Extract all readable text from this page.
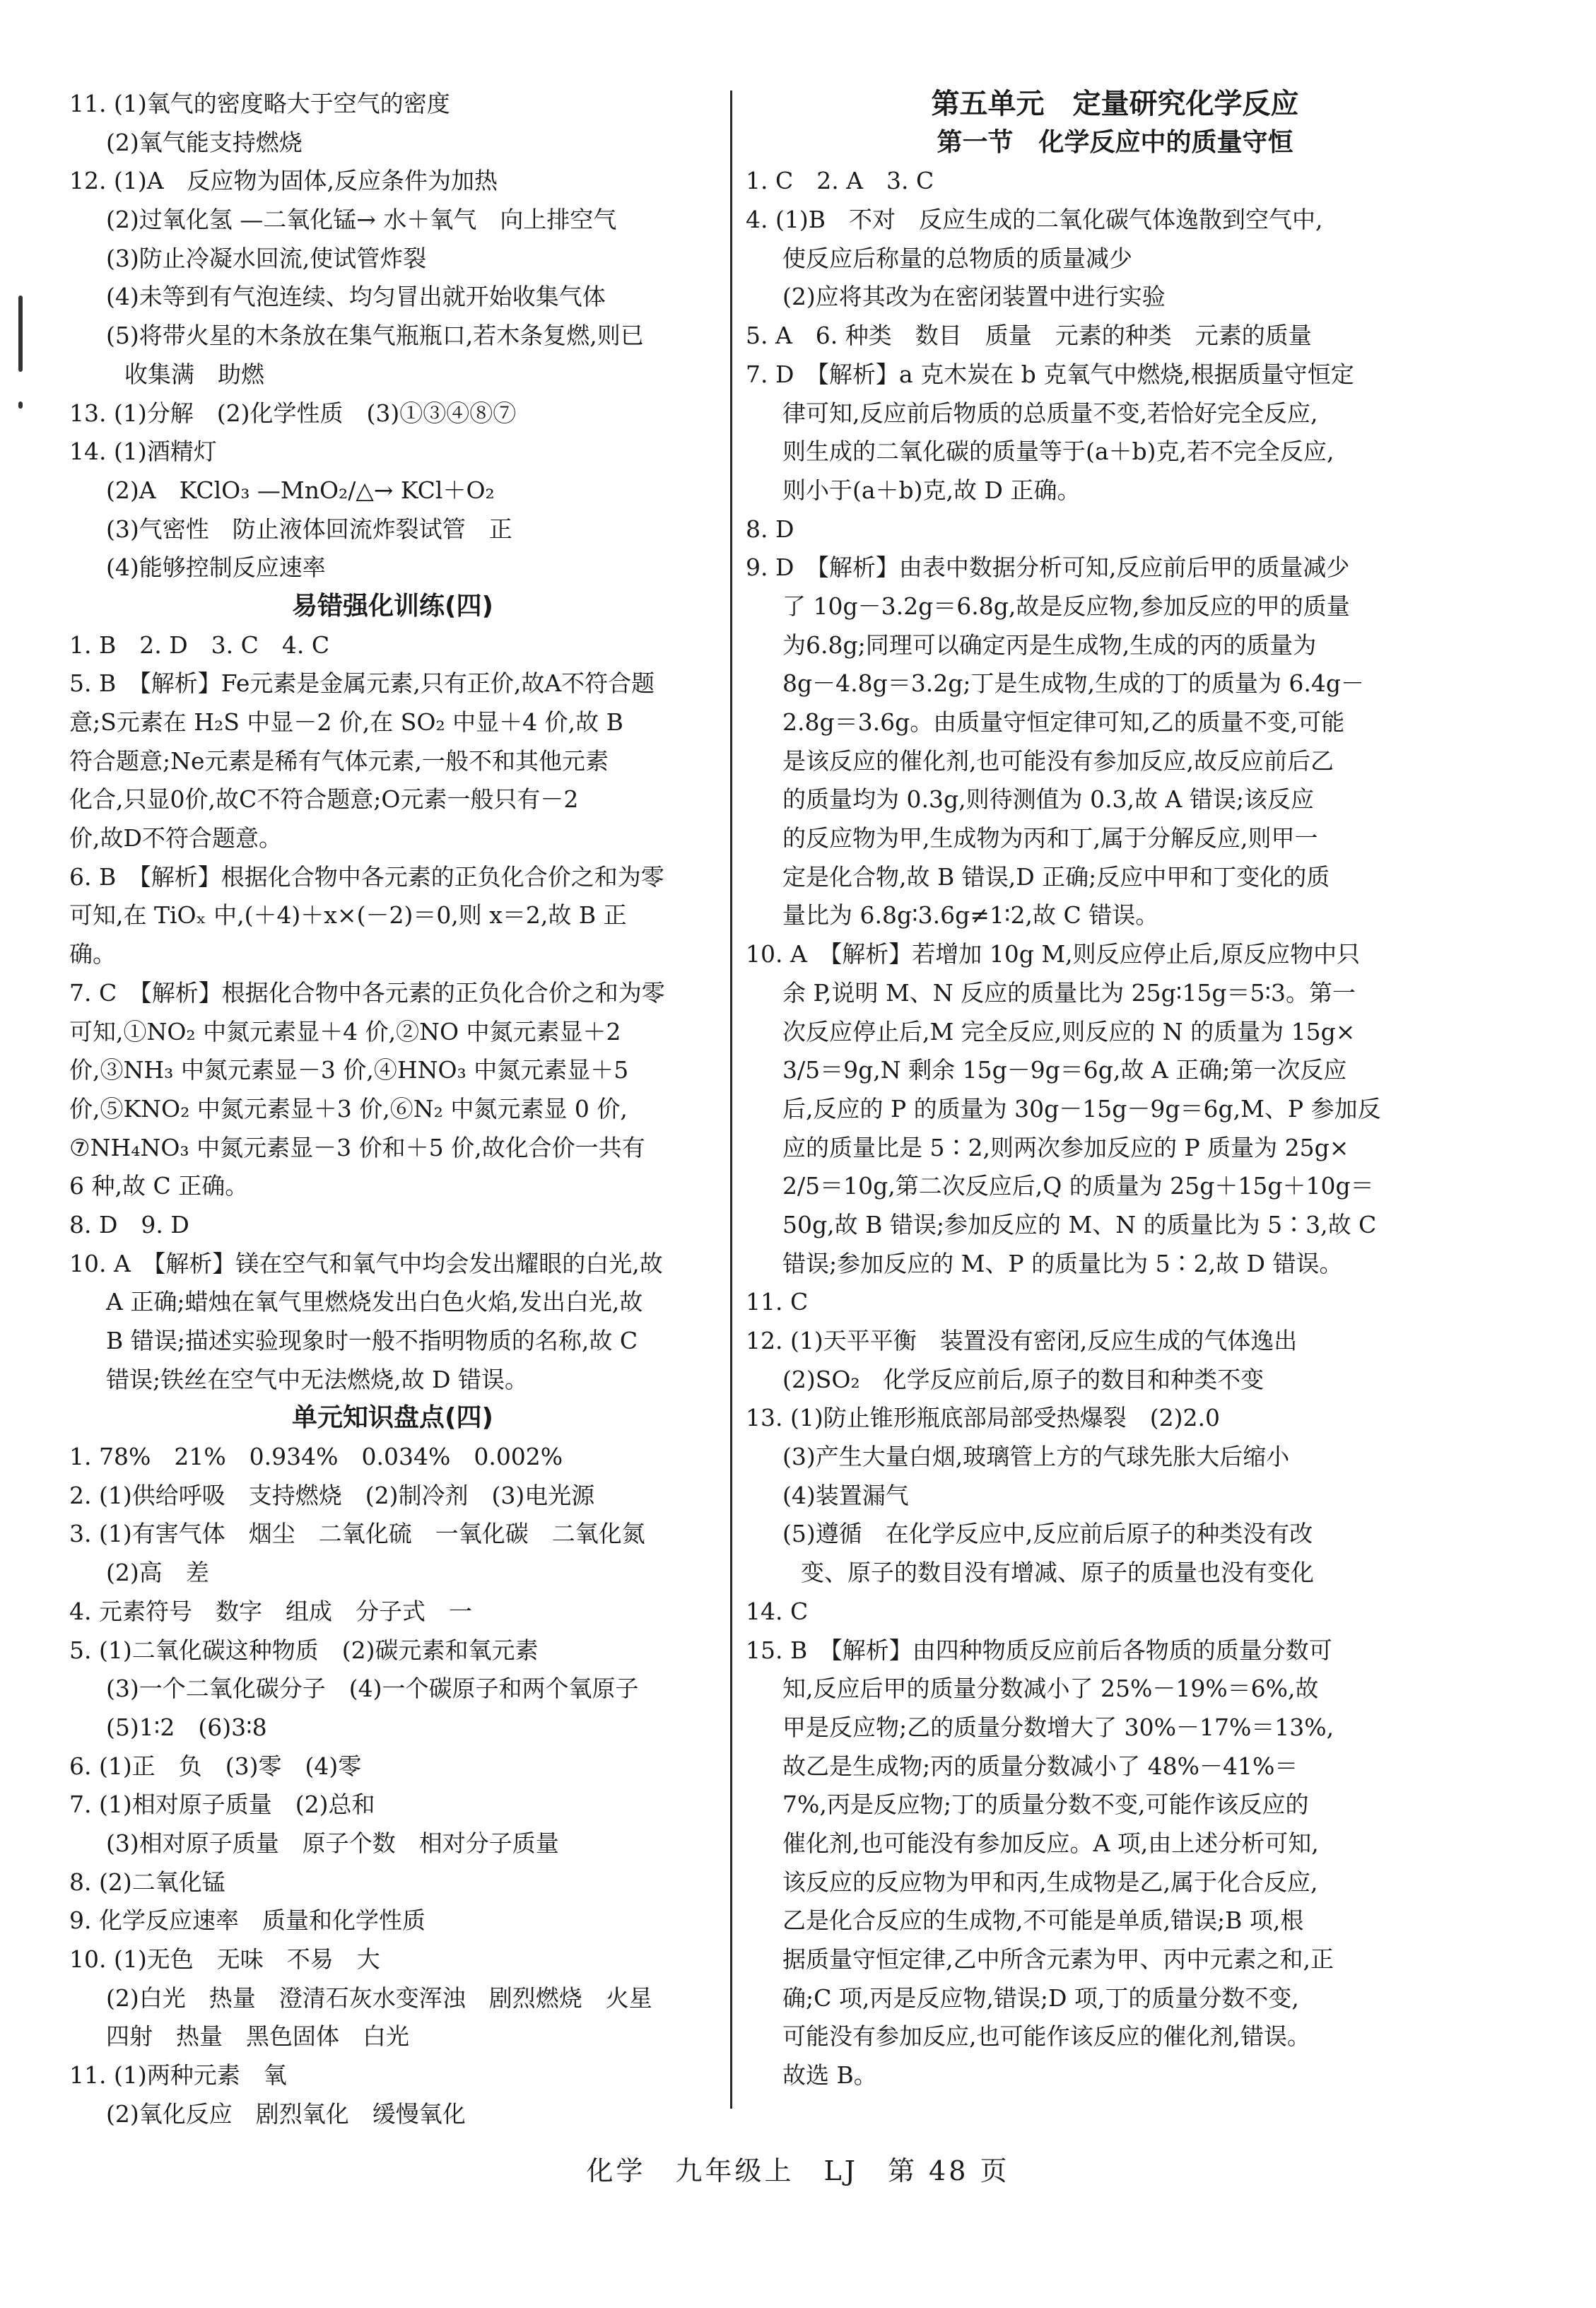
11. (1)氧气的密度略大于空气的密度
(2)氧气能支持燃烧
12. (1)A　反应物为固体,反应条件为加热
(2)过氧化氢 —二氧化锰→ 水＋氧气　向上排空气
(3)防止冷凝水回流,使试管炸裂
(4)未等到有气泡连续、均匀冒出就开始收集气体
(5)将带火星的木条放在集气瓶瓶口,若木条复燃,则已
收集满　助燃
13. (1)分解　(2)化学性质　(3)①③④⑧⑦
14. (1)酒精灯
(2)A　KClO₃ —MnO₂/△→ KCl＋O₂
(3)气密性　防止液体回流炸裂试管　正
(4)能够控制反应速率
易错强化训练(四)
1. B　2. D　3. C　4. C
5. B　【解析】Fe元素是金属元素,只有正价,故A不符合题
意;S元素在 H₂S 中显－2 价,在 SO₂ 中显＋4 价,故 B
符合题意;Ne元素是稀有气体元素,一般不和其他元素
化合,只显0价,故C不符合题意;O元素一般只有－2
价,故D不符合题意。
6. B　【解析】根据化合物中各元素的正负化合价之和为零
可知,在 TiOₓ 中,(＋4)＋x×(－2)＝0,则 x＝2,故 B 正
确。
7. C　【解析】根据化合物中各元素的正负化合价之和为零
可知,①NO₂ 中氮元素显＋4 价,②NO 中氮元素显＋2
价,③NH₃ 中氮元素显－3 价,④HNO₃ 中氮元素显＋5
价,⑤KNO₂ 中氮元素显＋3 价,⑥N₂ 中氮元素显 0 价,
⑦NH₄NO₃ 中氮元素显－3 价和＋5 价,故化合价一共有
6 种,故 C 正确。
8. D　9. D
10. A　【解析】镁在空气和氧气中均会发出耀眼的白光,故
A 正确;蜡烛在氧气里燃烧发出白色火焰,发出白光,故
B 错误;描述实验现象时一般不指明物质的名称,故 C
错误;铁丝在空气中无法燃烧,故 D 错误。
单元知识盘点(四)
1. 78%　21%　0.934%　0.034%　0.002%
2. (1)供给呼吸　支持燃烧　(2)制冷剂　(3)电光源
3. (1)有害气体　烟尘　二氧化硫　一氧化碳　二氧化氮
(2)高　差
4. 元素符号　数字　组成　分子式　一
5. (1)二氧化碳这种物质　(2)碳元素和氧元素
(3)一个二氧化碳分子　(4)一个碳原子和两个氧原子
(5)1∶2　(6)3∶8
6. (1)正　负　(3)零　(4)零
7. (1)相对原子质量　(2)总和
(3)相对原子质量　原子个数　相对分子质量
8. (2)二氧化锰
9. 化学反应速率　质量和化学性质
10. (1)无色　无味　不易　大
(2)白光　热量　澄清石灰水变浑浊　剧烈燃烧　火星
四射　热量　黑色固体　白光
11. (1)两种元素　氧
(2)氧化反应　剧烈氧化　缓慢氧化
第五单元　定量研究化学反应
第一节　化学反应中的质量守恒
1. C　2. A　3. C
4. (1)B　不对　反应生成的二氧化碳气体逸散到空气中,
使反应后称量的总物质的质量减少
(2)应将其改为在密闭装置中进行实验
5. A　6. 种类　数目　质量　元素的种类　元素的质量
7. D　【解析】a 克木炭在 b 克氧气中燃烧,根据质量守恒定
律可知,反应前后物质的总质量不变,若恰好完全反应,
则生成的二氧化碳的质量等于(a＋b)克,若不完全反应,
则小于(a＋b)克,故 D 正确。
8. D
9. D　【解析】由表中数据分析可知,反应前后甲的质量减少
了 10g－3.2g＝6.8g,故是反应物,参加反应的甲的质量
为6.8g;同理可以确定丙是生成物,生成的丙的质量为
8g－4.8g＝3.2g;丁是生成物,生成的丁的质量为 6.4g－
2.8g＝3.6g。由质量守恒定律可知,乙的质量不变,可能
是该反应的催化剂,也可能没有参加反应,故反应前后乙
的质量均为 0.3g,则待测值为 0.3,故 A 错误;该反应
的反应物为甲,生成物为丙和丁,属于分解反应,则甲一
定是化合物,故 B 错误,D 正确;反应中甲和丁变化的质
量比为 6.8g∶3.6g≠1∶2,故 C 错误。
10. A　【解析】若增加 10g M,则反应停止后,原反应物中只
余 P,说明 M、N 反应的质量比为 25g∶15g＝5∶3。第一
次反应停止后,M 完全反应,则反应的 N 的质量为 15g×
3/5＝9g,N 剩余 15g－9g＝6g,故 A 正确;第一次反应
后,反应的 P 的质量为 30g－15g－9g＝6g,M、P 参加反
应的质量比是 5∶2,则两次参加反应的 P 质量为 25g×
2/5＝10g,第二次反应后,Q 的质量为 25g＋15g＋10g＝
50g,故 B 错误;参加反应的 M、N 的质量比为 5∶3,故 C
错误;参加反应的 M、P 的质量比为 5∶2,故 D 错误。
11. C
12. (1)天平平衡　装置没有密闭,反应生成的气体逸出
(2)SO₂　化学反应前后,原子的数目和种类不变
13. (1)防止锥形瓶底部局部受热爆裂　(2)2.0
(3)产生大量白烟,玻璃管上方的气球先胀大后缩小
(4)装置漏气
(5)遵循　在化学反应中,反应前后原子的种类没有改
变、原子的数目没有增减、原子的质量也没有变化
14. C
15. B　【解析】由四种物质反应前后各物质的质量分数可
知,反应后甲的质量分数减小了 25%－19%＝6%,故
甲是反应物;乙的质量分数增大了 30%－17%＝13%,
故乙是生成物;丙的质量分数减小了 48%－41%＝
7%,丙是反应物;丁的质量分数不变,可能作该反应的
催化剂,也可能没有参加反应。A 项,由上述分析可知,
该反应的反应物为甲和丙,生成物是乙,属于化合反应,
乙是化合反应的生成物,不可能是单质,错误;B 项,根
据质量守恒定律,乙中所含元素为甲、丙中元素之和,正
确;C 项,丙是反应物,错误;D 项,丁的质量分数不变,
可能没有参加反应,也可能作该反应的催化剂,错误。
故选 B。
化学　九年级上　LJ　第 48 页
